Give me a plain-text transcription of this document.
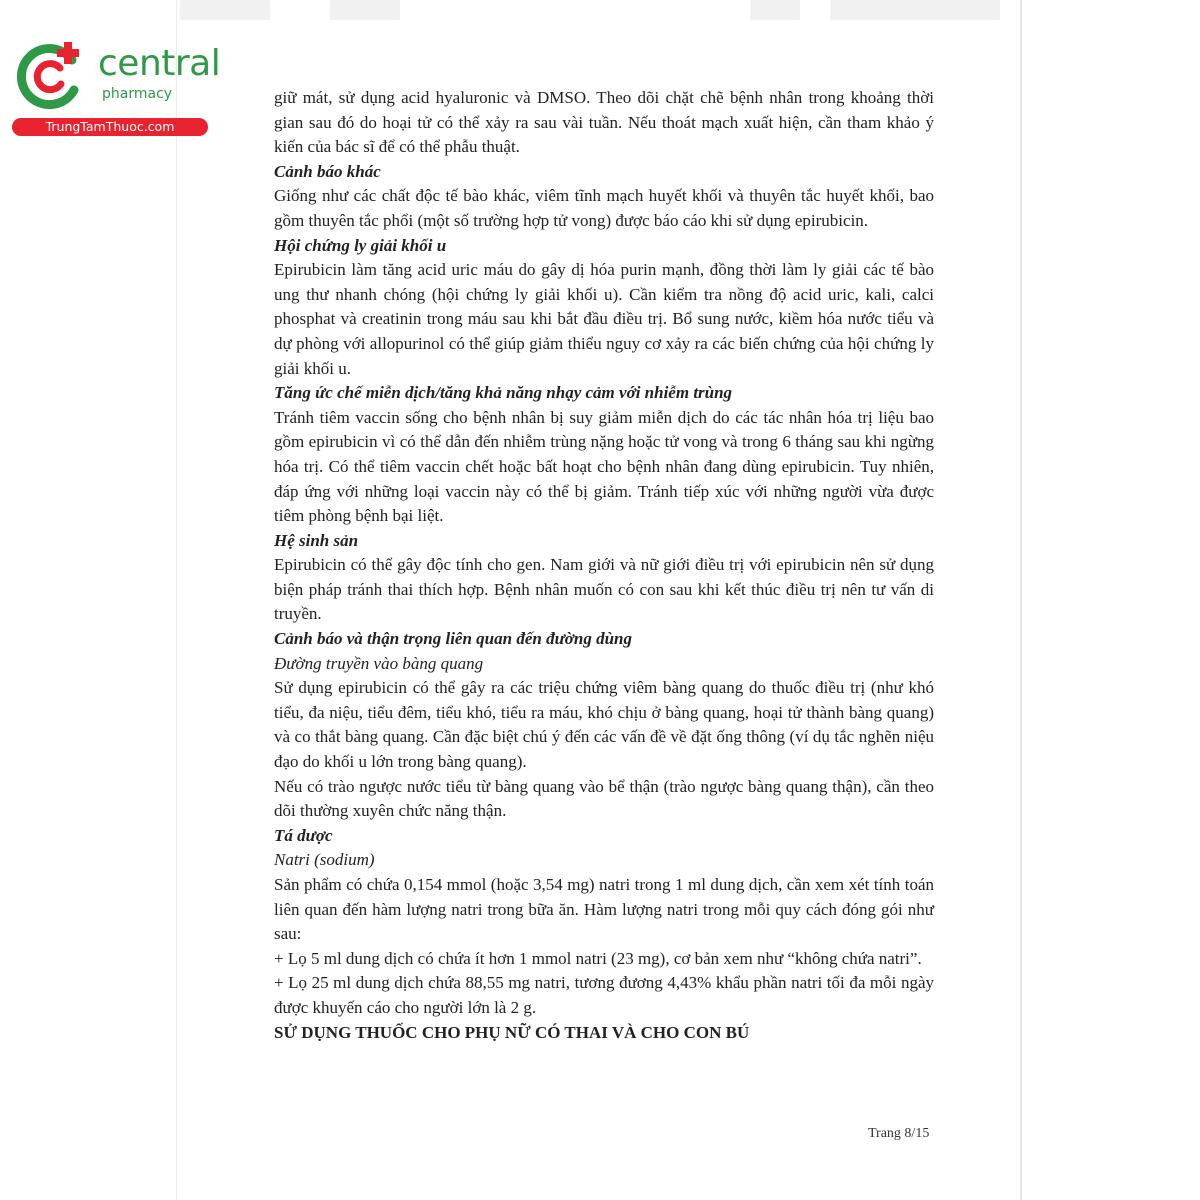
central
pharmacy
TrungTamThuoc.com

giữ mát, sử dụng acid hyaluronic và DMSO. Theo dõi chặt chẽ bệnh nhân trong khoảng thời gian sau đó do hoại tử có thể xảy ra sau vài tuần. Nếu thoát mạch xuất hiện, cần tham khảo ý kiến của bác sĩ để có thể phẫu thuật.

Cảnh báo khác

Giống như các chất độc tế bào khác, viêm tĩnh mạch huyết khối và thuyên tắc huyết khối, bao gồm thuyên tắc phổi (một số trường hợp tử vong) được báo cáo khi sử dụng epirubicin.

Hội chứng ly giải khối u

Epirubicin làm tăng acid uric máu do gây dị hóa purin mạnh, đồng thời làm ly giải các tế bào ung thư nhanh chóng (hội chứng ly giải khối u). Cần kiểm tra nồng độ acid uric, kali, calci phosphat và creatinin trong máu sau khi bắt đầu điều trị. Bổ sung nước, kiềm hóa nước tiểu và dự phòng với allopurinol có thể giúp giảm thiểu nguy cơ xảy ra các biến chứng của hội chứng ly giải khối u.

Tăng ức chế miễn dịch/tăng khả năng nhạy cảm với nhiễm trùng

Tránh tiêm vaccin sống cho bệnh nhân bị suy giảm miễn dịch do các tác nhân hóa trị liệu bao gồm epirubicin vì có thể dẫn đến nhiễm trùng nặng hoặc tử vong và trong 6 tháng sau khi ngừng hóa trị. Có thể tiêm vaccin chết hoặc bất hoạt cho bệnh nhân đang dùng epirubicin. Tuy nhiên, đáp ứng với những loại vaccin này có thể bị giảm. Tránh tiếp xúc với những người vừa được tiêm phòng bệnh bại liệt.

Hệ sinh sản

Epirubicin có thể gây độc tính cho gen. Nam giới và nữ giới điều trị với epirubicin nên sử dụng biện pháp tránh thai thích hợp. Bệnh nhân muốn có con sau khi kết thúc điều trị nên tư vấn di truyền.

Cảnh báo và thận trọng liên quan đến đường dùng

Đường truyền vào bàng quang

Sử dụng epirubicin có thể gây ra các triệu chứng viêm bàng quang do thuốc điều trị (như khó tiểu, đa niệu, tiểu đêm, tiểu khó, tiểu ra máu, khó chịu ở bàng quang, hoại tử thành bàng quang) và co thắt bàng quang. Cần đặc biệt chú ý đến các vấn đề về đặt ống thông (ví dụ tắc nghẽn niệu đạo do khối u lớn trong bàng quang).

Nếu có trào ngược nước tiểu từ bàng quang vào bể thận (trào ngược bàng quang thận), cần theo dõi thường xuyên chức năng thận.

Tá dược

Natri (sodium)

Sản phẩm có chứa 0,154 mmol (hoặc 3,54 mg) natri trong 1 ml dung dịch, cần xem xét tính toán liên quan đến hàm lượng natri trong bữa ăn. Hàm lượng natri trong mỗi quy cách đóng gói như sau:

+ Lọ 5 ml dung dịch có chứa ít hơn 1 mmol natri (23 mg), cơ bản xem như “không chứa natri”.

+ Lọ 25 ml dung dịch chứa 88,55 mg natri, tương đương 4,43% khẩu phần natri tối đa mỗi ngày được khuyến cáo cho người lớn là 2 g.

SỬ DỤNG THUỐC CHO PHỤ NỮ CÓ THAI VÀ CHO CON BÚ

Trang 8/15
